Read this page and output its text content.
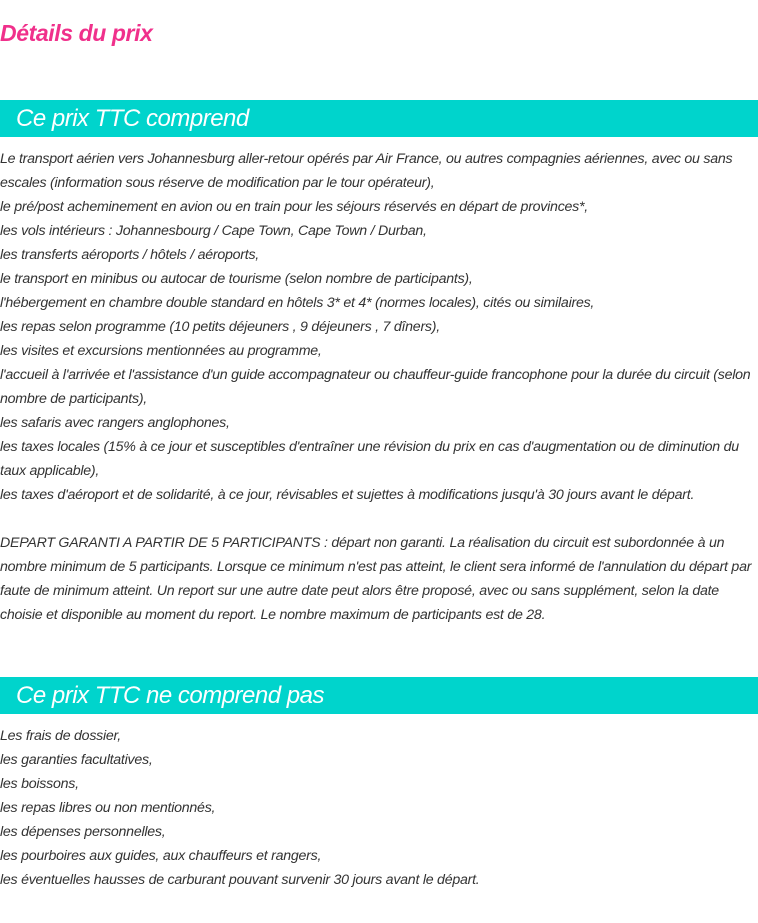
Détails du prix
Ce prix TTC comprend
Le transport aérien vers Johannesburg aller-retour opérés par Air France, ou autres compagnies aériennes, avec ou sans escales (information sous réserve de modification par le tour opérateur),
le pré/post acheminement en avion ou en train pour les séjours réservés en départ de provinces*,
les vols intérieurs : Johannesbourg / Cape Town, Cape Town / Durban,
les transferts aéroports / hôtels / aéroports,
le transport en minibus ou autocar de tourisme (selon nombre de participants),
l'hébergement en chambre double standard en hôtels 3* et 4* (normes locales), cités ou similaires,
les repas selon programme (10 petits déjeuners , 9 déjeuners , 7 dîners),
les visites et excursions mentionnées au programme,
l'accueil à l'arrivée et l'assistance d'un guide accompagnateur ou chauffeur-guide francophone pour la durée du circuit (selon nombre de participants),
les safaris avec rangers anglophones,
les taxes locales (15% à ce jour et susceptibles d'entraîner une révision du prix en cas d'augmentation ou de diminution du taux applicable),
les taxes d'aéroport et de solidarité, à ce jour, révisables et sujettes à modifications jusqu'à 30 jours avant le départ.

DEPART GARANTI A PARTIR DE 5 PARTICIPANTS : départ non garanti. La réalisation du circuit est subordonnée à un nombre minimum de 5 participants. Lorsque ce minimum n'est pas atteint, le client sera informé de l'annulation du départ par faute de minimum atteint. Un report sur une autre date peut alors être proposé, avec ou sans supplément, selon la date choisie et disponible au moment du report. Le nombre maximum de participants est de 28.

Ce prix TTC ne comprend pas
Les frais de dossier,
les garanties facultatives,
les boissons,
les repas libres ou non mentionnés,
les dépenses personnelles,
les pourboires aux guides, aux chauffeurs et rangers,
les éventuelles hausses de carburant pouvant survenir 30 jours avant le départ.
